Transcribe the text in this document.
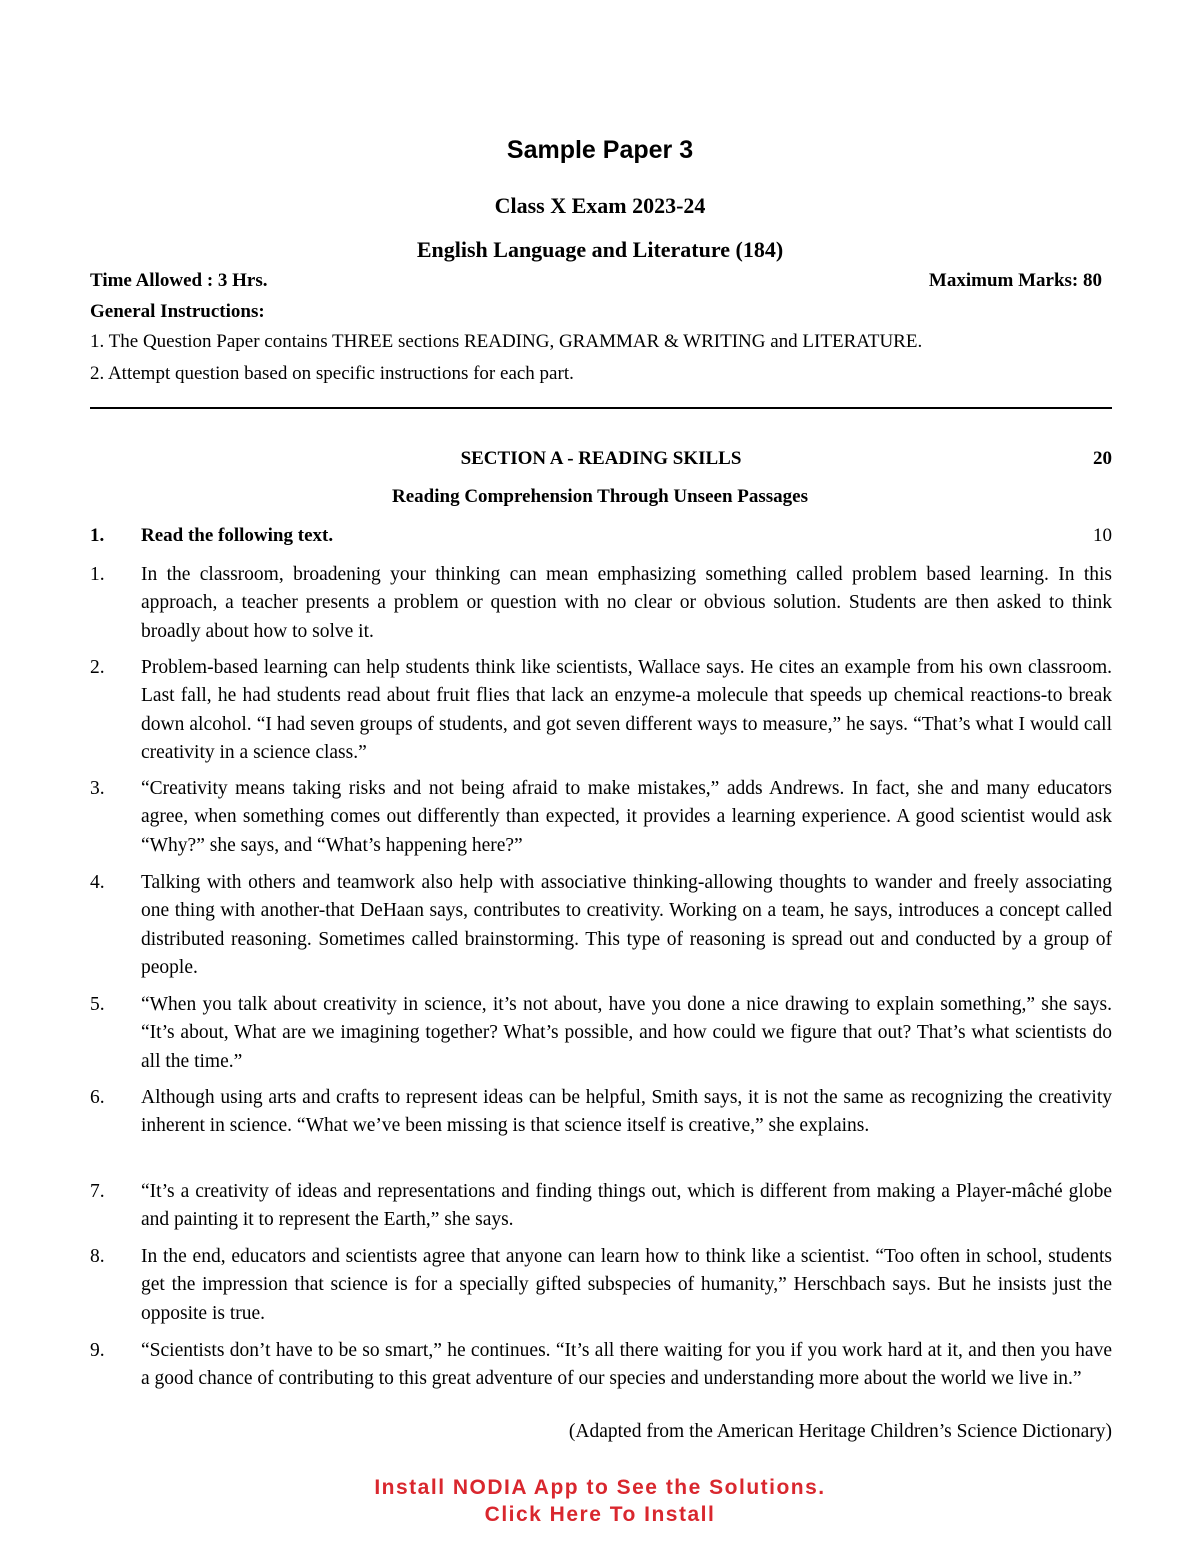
Sample Paper 3
Class X Exam 2023-24
English Language and Literature (184)
Time Allowed : 3 Hrs.	Maximum Marks: 80
General Instructions:
1. The Question Paper contains THREE sections READING, GRAMMAR & WRITING and LITERATURE.
2. Attempt question based on specific instructions for each part.
SECTION A - READING SKILLS	20
Reading Comprehension Through Unseen Passages
1. Read the following text.	10
1. In the classroom, broadening your thinking can mean emphasizing something called problem based learning. In this approach, a teacher presents a problem or question with no clear or obvious solution. Students are then asked to think broadly about how to solve it.
2. Problem-based learning can help students think like scientists, Wallace says. He cites an example from his own classroom. Last fall, he had students read about fruit flies that lack an enzyme-a molecule that speeds up chemical reactions-to break down alcohol. “I had seven groups of students, and got seven different ways to measure,” he says. “That’s what I would call creativity in a science class.”
3. “Creativity means taking risks and not being afraid to make mistakes,” adds Andrews. In fact, she and many educators agree, when something comes out differently than expected, it provides a learning experience. A good scientist would ask “Why?” she says, and “What’s happening here?”
4. Talking with others and teamwork also help with associative thinking-allowing thoughts to wander and freely associating one thing with another-that DeHaan says, contributes to creativity. Working on a team, he says, introduces a concept called distributed reasoning. Sometimes called brainstorming. This type of reasoning is spread out and conducted by a group of people.
5. “When you talk about creativity in science, it’s not about, have you done a nice drawing to explain something,” she says. “It’s about, What are we imagining together? What’s possible, and how could we figure that out? That’s what scientists do all the time.”
6. Although using arts and crafts to represent ideas can be helpful, Smith says, it is not the same as recognizing the creativity inherent in science. “What we’ve been missing is that science itself is creative,” she explains.
7. “It’s a creativity of ideas and representations and finding things out, which is different from making a Player-mâché globe and painting it to represent the Earth,” she says.
8. In the end, educators and scientists agree that anyone can learn how to think like a scientist. “Too often in school, students get the impression that science is for a specially gifted subspecies of humanity,” Herschbach says. But he insists just the opposite is true.
9. “Scientists don’t have to be so smart,” he continues. “It’s all there waiting for you if you work hard at it, and then you have a good chance of contributing to this great adventure of our species and understanding more about the world we live in.”
(Adapted from the American Heritage Children’s Science Dictionary)
Install NODIA App to See the Solutions.
Click Here To Install
